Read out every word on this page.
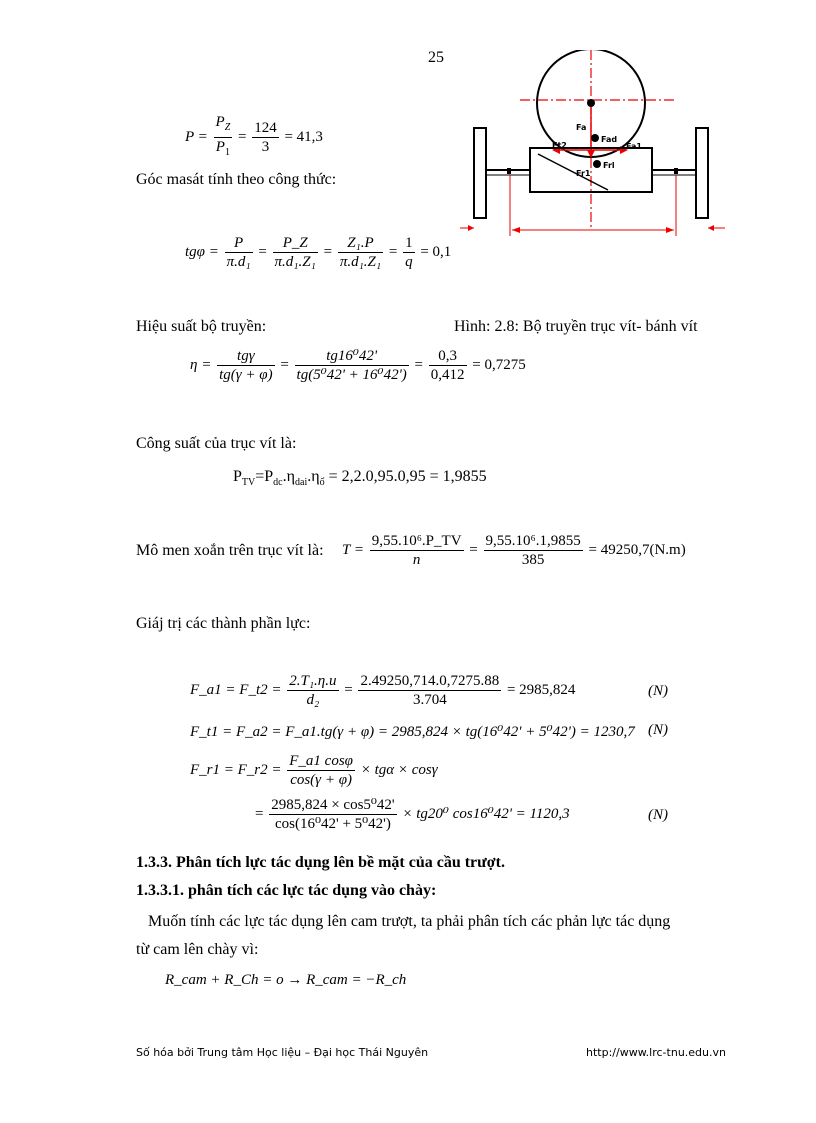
25
$P = \frac{P_Z}{P_1} = \frac{124}{3} = 41,3$
Góc masát tính theo công thức:
$tg\varphi = \frac{P}{\text{π.d₁}} = \frac{P\_Z}{\text{π.d₁.Z₁}} = \frac{\text{Z₁.P}}{\text{π.d₁.Z₁}} = \frac{1}{q} = 0,1$
Fa
Fad
Ft2	Fa1
Fr1
Frl
Hiệu suất bộ truyền:	Hình: 2.8: Bộ truyền trục vít- bánh vít
$\eta = \frac{\text{tgγ}}{tg(\gamma + \varphi)} = \frac{\text{tg16⁰42'}}{\text{tg(5⁰42' + 16⁰42')}} = \frac{0,3}{0,412} = 0,7275$
Công suất của trục vít là:
$P_{TV}=P_{dc}.\eta_{dai}.\eta_ổ = 2,2.0,95.0,95 = 1,9855$
Mô men xoắn trên trục vít là: $T = \frac{\text{9,55.10⁶.P\_TV}}{n} = \frac{\text{9,55.10⁶.1,9855}}{385} = 49250,7(N.m)$
Giáj trị các thành phần lực:
F_a1 = F_t2 = $\frac{\text{2.T₁.η.u}}{\text{d₂}} = \frac{2.49250,714.0,7275.88}{3.704} = 2985,824$	(N)
F_t1 = F_a2 = F_a1.tg(γ + φ) = 2985,824 × tg(16⁰42' + 5⁰42') = 1230,7 (N)
F_r1 = F_r2 = $\frac{F\_a1 \cos\varphi}{\cos(\gamma + \varphi)} \times tg\alpha \times \cos\gamma$
= $\frac{\text{2985,824 × cos5⁰42'}}{\text{cos(16⁰42' + 5⁰42')}} \times tg20^0$ cos16⁰42' = 1120,3	(N)
1.3.3. Phân tích lực tác dụng lên bề mặt của cầu trượt.
1.3.3.1. phân tích các lực tác dụng vào chày:
Muốn tính các lực tác dụng lên cam trượt, ta phải phân tích các phản lực tác dụng
từ cam lên chày vì:
R_cam + R_Ch = o → R_cam = −R_ch
Số hóa bởi Trung tâm Học liệu – Đại học Thái Nguyên	http://www.lrc-tnu.edu.vn
